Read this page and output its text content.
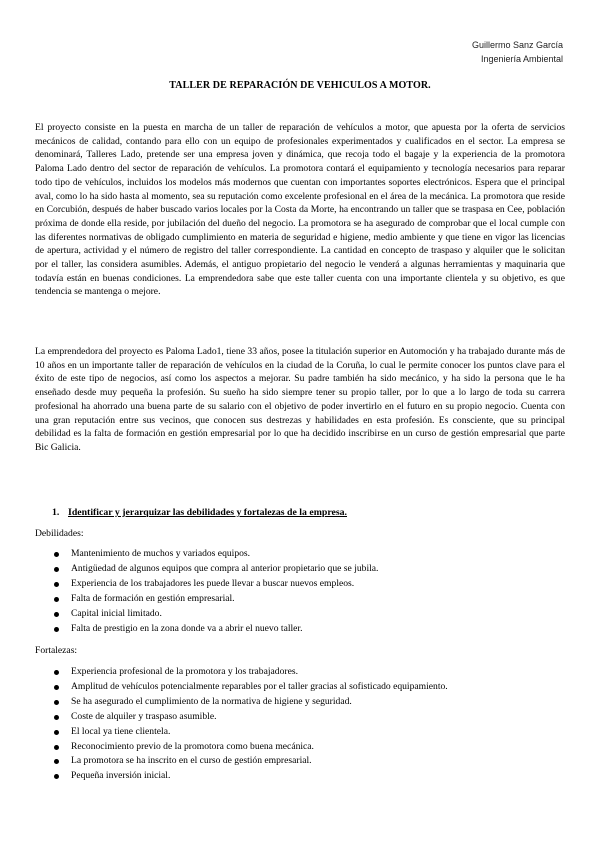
Guillermo Sanz García
Ingeniería Ambiental
TALLER DE REPARACIÓN DE VEHICULOS A MOTOR.
El proyecto consiste en la puesta en marcha de un taller de reparación de vehículos a motor, que apuesta por la oferta de servicios mecánicos de calidad, contando para ello con un equipo de profesionales experimentados y cualificados en el sector. La empresa se denominará, Talleres Lado, pretende ser una empresa joven y dinámica, que recoja todo el bagaje y la experiencia de la promotora Paloma Lado dentro del sector de reparación de vehículos. La promotora contará el equipamiento y tecnología necesarios para reparar todo tipo de vehículos, incluidos los modelos más modernos que cuentan con importantes soportes electrónicos. Espera que el principal aval, como lo ha sido hasta al momento, sea su reputación como excelente profesional en el área de la mecánica. La promotora que reside en Corcubión, después de haber buscado varios locales por la Costa da Morte, ha encontrando un taller que se traspasa en Cee, población próxima de donde ella reside, por jubilación del dueño del negocio. La promotora se ha asegurado de comprobar que el local cumple con las diferentes normativas de obligado cumplimiento en materia de seguridad e higiene, medio ambiente y que tiene en vigor las licencias de apertura, actividad y el número de registro del taller correspondiente. La cantidad en concepto de traspaso y alquiler que le solicitan por el taller, las considera asumibles. Además, el antiguo propietario del negocio le venderá a algunas herramientas y maquinaria que todavía están en buenas condiciones. La emprendedora sabe que este taller cuenta con una importante clientela y su objetivo, es que tendencia se mantenga o mejore.
La emprendedora del proyecto es Paloma Lado1, tiene 33 años, posee la titulación superior en Automoción y ha trabajado durante más de 10 años en un importante taller de reparación de vehículos en la ciudad de la Coruña, lo cual le permite conocer los puntos clave para el éxito de este tipo de negocios, así como los aspectos a mejorar. Su padre también ha sido mecánico, y ha sido la persona que le ha enseñado desde muy pequeña la profesión. Su sueño ha sido siempre tener su propio taller, por lo que a lo largo de toda su carrera profesional ha ahorrado una buena parte de su salario con el objetivo de poder invertirlo en el futuro en su propio negocio. Cuenta con una gran reputación entre sus vecinos, que conocen sus destrezas y habilidades en esta profesión. Es consciente, que su principal debilidad es la falta de formación en gestión empresarial por lo que ha decidido inscribirse en un curso de gestión empresarial que parte Bic Galicia.
1. Identificar y jerarquizar las debilidades y fortalezas de la empresa.
Debilidades:
Mantenimiento de muchos y variados equipos.
Antigüedad de algunos equipos que compra al anterior propietario que se jubila.
Experiencia de los trabajadores les puede llevar a buscar nuevos empleos.
Falta de formación en gestión empresarial.
Capital inicial limitado.
Falta de prestigio en la zona donde va a abrir el nuevo taller.
Fortalezas:
Experiencia profesional de la promotora y los trabajadores.
Amplitud de vehículos potencialmente reparables por el taller gracias al sofisticado equipamiento.
Se ha asegurado el cumplimiento de la normativa de higiene y seguridad.
Coste de alquiler y traspaso asumible.
El local ya tiene clientela.
Reconocimiento previo de la promotora como buena mecánica.
La promotora se ha inscrito en el curso de gestión empresarial.
Pequeña inversión inicial.
